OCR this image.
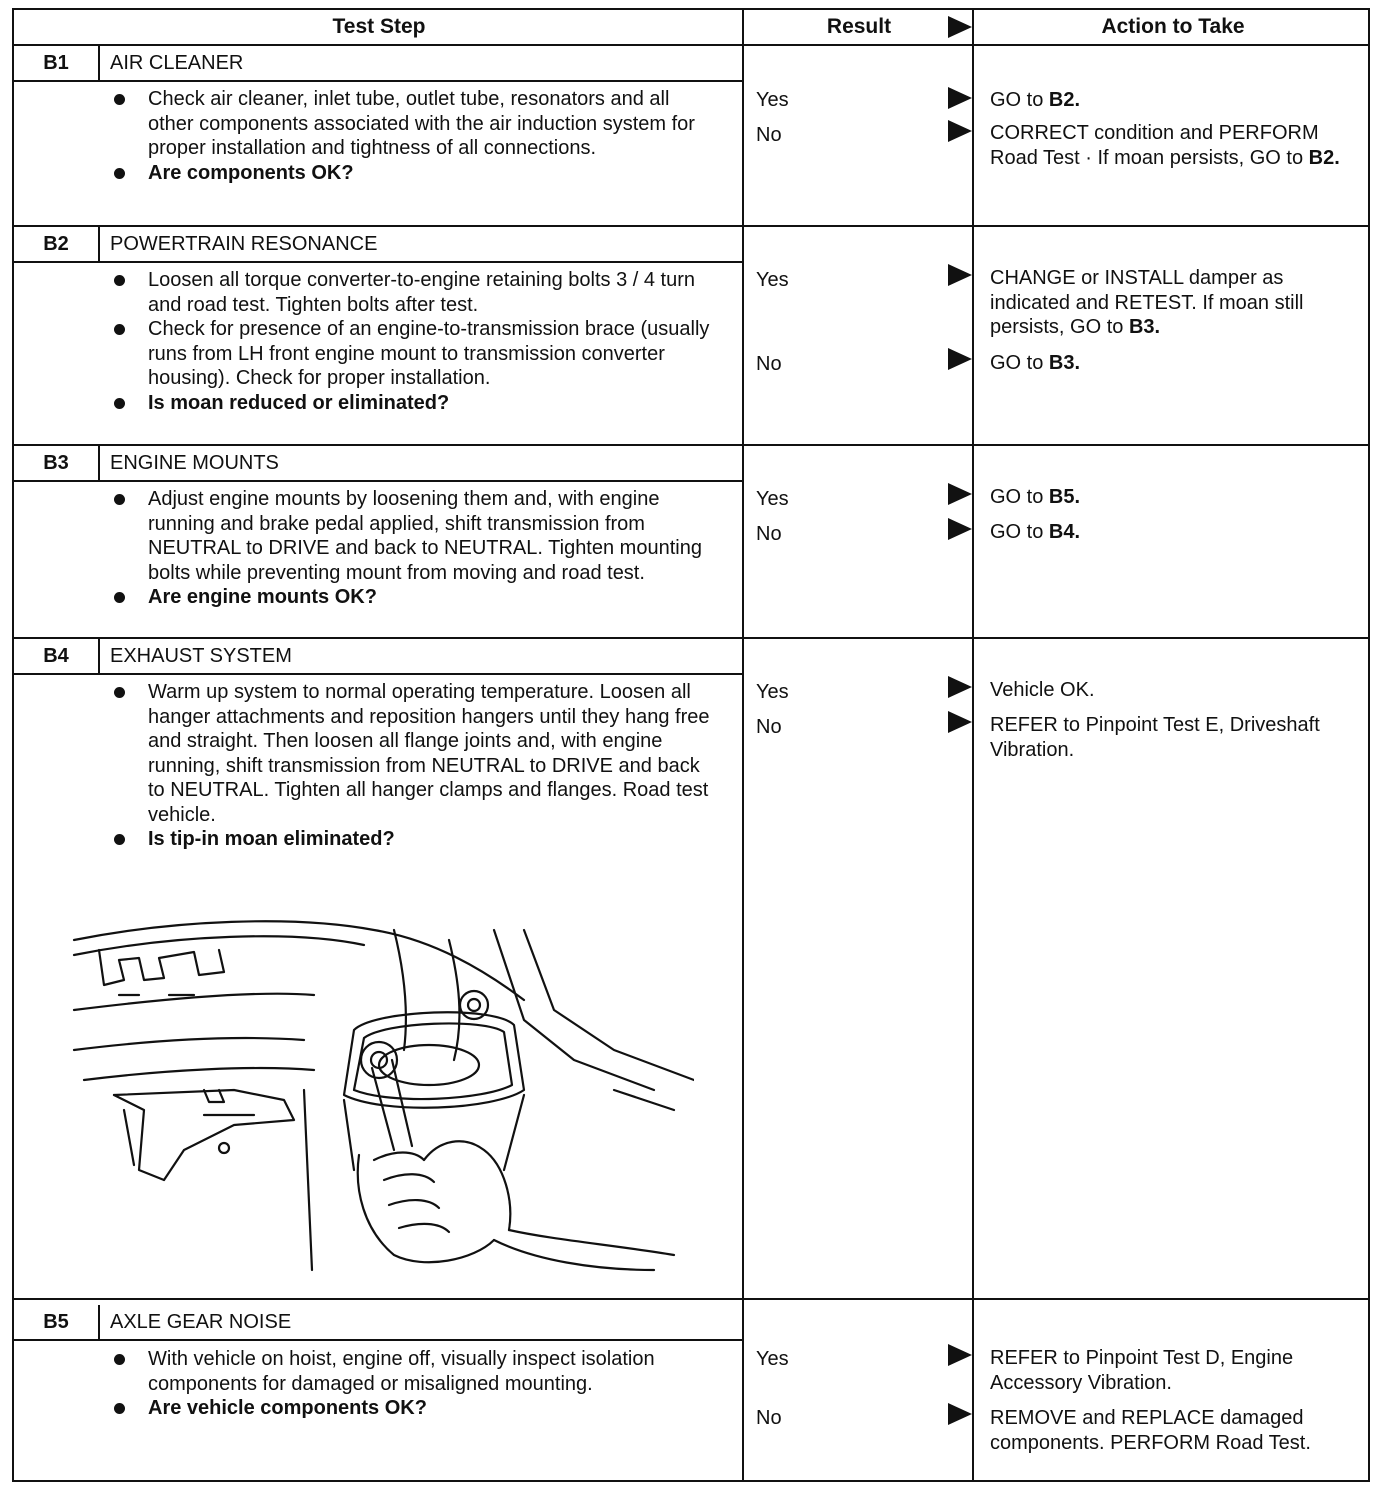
Test Step	Result	Action to Take
B1	AIR CLEANER
Check air cleaner, inlet tube, outlet tube, resonators and all other components associated with the air induction system for proper installation and tightness of all connections.
Are components OK?
Yes	GO to B2.
No	CORRECT condition and PERFORM Road Test · If moan persists, GO to B2.
B2	POWERTRAIN RESONANCE
Loosen all torque converter-to-engine retaining bolts 3 / 4 turn and road test. Tighten bolts after test.
Check for presence of an engine-to-transmission brace (usually runs from LH front engine mount to transmission converter housing). Check for proper installation.
Is moan reduced or eliminated?
Yes	CHANGE or INSTALL damper as indicated and RETEST. If moan still persists, GO to B3.
No	GO to B3.
B3	ENGINE MOUNTS
Adjust engine mounts by loosening them and, with engine running and brake pedal applied, shift transmission from NEUTRAL to DRIVE and back to NEUTRAL. Tighten mounting bolts while preventing mount from moving and road test.
Are engine mounts OK?
Yes	GO to B5.
No	GO to B4.
B4	EXHAUST SYSTEM
Warm up system to normal operating temperature. Loosen all hanger attachments and reposition hangers until they hang free and straight. Then loosen all flange joints and, with engine running, shift transmission from NEUTRAL to DRIVE and back to NEUTRAL. Tighten all hanger clamps and flanges. Road test vehicle.
Is tip-in moan eliminated?
Yes	Vehicle OK.
No	REFER to Pinpoint Test E, Driveshaft Vibration.
B5	AXLE GEAR NOISE
With vehicle on hoist, engine off, visually inspect isolation components for damaged or misaligned mounting.
Are vehicle components OK?
Yes	REFER to Pinpoint Test D, Engine Accessory Vibration.
No	REMOVE and REPLACE damaged components. PERFORM Road Test.
